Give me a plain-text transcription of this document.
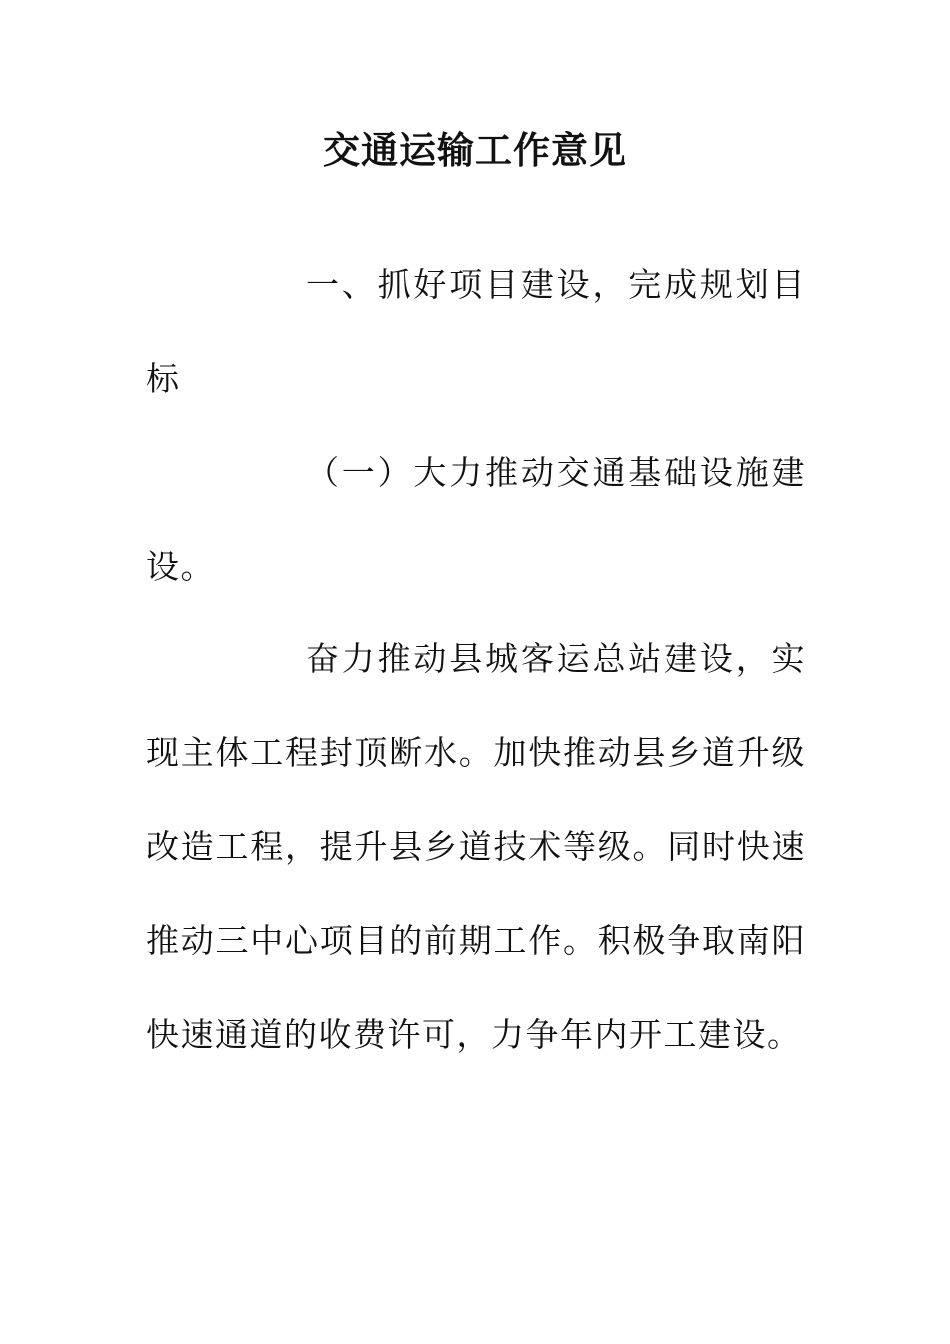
交通运输工作意见

一、抓好项目建设，完成规划目标

（一）大力推动交通基础设施建设。

奋力推动县城客运总站建设，实现主体工程封顶断水。加快推动县乡道升级改造工程，提升县乡道技术等级。同时快速推动三中心项目的前期工作。积极争取南阳快速通道的收费许可，力争年内开工建设。
